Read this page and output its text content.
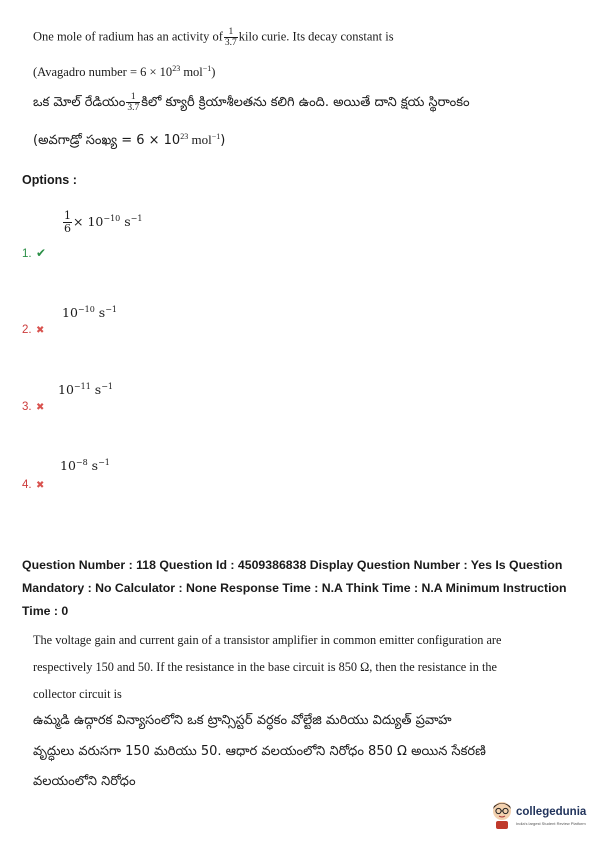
One mole of radium has an activity of $\frac{1}{3.7}$ kilo curie. Its decay constant is
(Avagadro number = $6 \times 10^{23}$ mol$^{-1}$)
ఒక మోల్ రేడియం $\frac{1}{3.7}$ కిలో క్యూరీ క్రియాశీలతను కలిగి ఉంది. అయితే దాని క్షయ స్థిరాంకం
(అవగాడ్రో సంఖ్య = $6 \times 10^{23}$ mol$^{-1}$)
Options :
$\frac{1}{6} \times 10^{-10}$ $s^{-1}$
1. ✔
$10^{-10}$ $s^{-1}$
2. ✖
$10^{-11}$ $s^{-1}$
3. ✖
$10^{-8}$ $s^{-1}$
4. ✖
Question Number : 118 Question Id : 4509386838 Display Question Number : Yes Is Question
Mandatory : No Calculator : None Response Time : N.A Think Time : N.A Minimum Instruction
Time : 0
The voltage gain and current gain of a transistor amplifier in common emitter configuration are
respectively 150 and 50. If the resistance in the base circuit is 850 Ω, then the resistance in the
collector circuit is
ఉమ్మడి ఉద్గారక విన్యాసంలోని ఒక ట్రాన్సిస్టర్ వర్ధకం వోల్టేజి మరియు విద్యుత్ ప్రవాహ
వృద్ధులు వరుసగా 150 మరియు 50. ఆధార వలయంలోని నిరోధం 850 Ω అయిన సేకరణి
వలయంలోని నిరోధం
collegedunia
India's largest Student Review Platform
